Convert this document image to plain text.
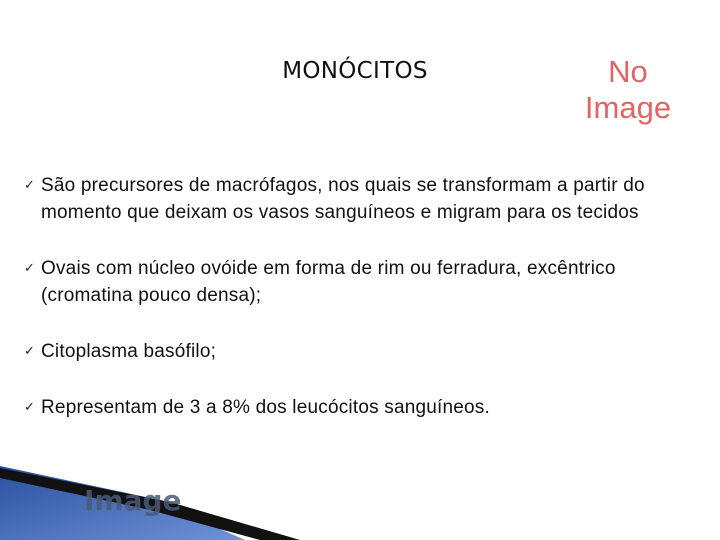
Image
MONÓCITOS	No
Image
✓ São precursores de macrófagos, nos quais se transformam a partir do momento que deixam os vasos sanguíneos e migram para os tecidos
✓ Ovais com núcleo ovóide em forma de rim ou ferradura, excêntrico (cromatina pouco densa);
✓ Citoplasma basófilo;
✓ Representam de 3 a 8% dos leucócitos sanguíneos.
